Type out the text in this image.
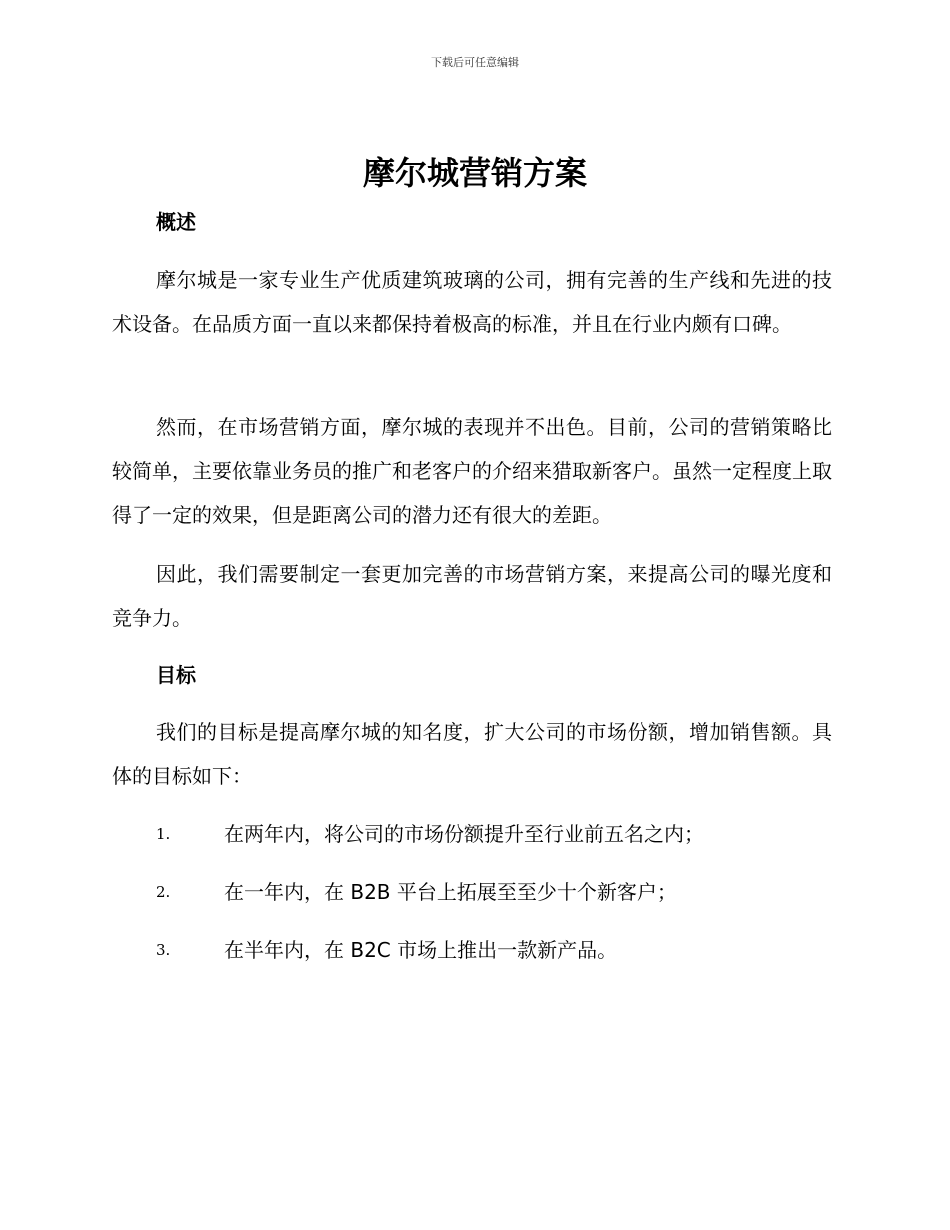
下载后可任意编辑
摩尔城营销方案
概述

摩尔城是一家专业生产优质建筑玻璃的公司，拥有完善的生产线和先进的技术设备。在品质方面一直以来都保持着极高的标准，并且在行业内颇有口碑。

然而，在市场营销方面，摩尔城的表现并不出色。目前，公司的营销策略比较简单，主要依靠业务员的推广和老客户的介绍来猎取新客户。虽然一定程度上取得了一定的效果，但是距离公司的潜力还有很大的差距。

因此，我们需要制定一套更加完善的市场营销方案，来提高公司的曝光度和竞争力。

目标

我们的目标是提高摩尔城的知名度，扩大公司的市场份额，增加销售额。具体的目标如下：

1.	在两年内，将公司的市场份额提升至行业前五名之内；
2.	在一年内，在 B2B 平台上拓展至至少十个新客户；
3.	在半年内，在 B2C 市场上推出一款新产品。
